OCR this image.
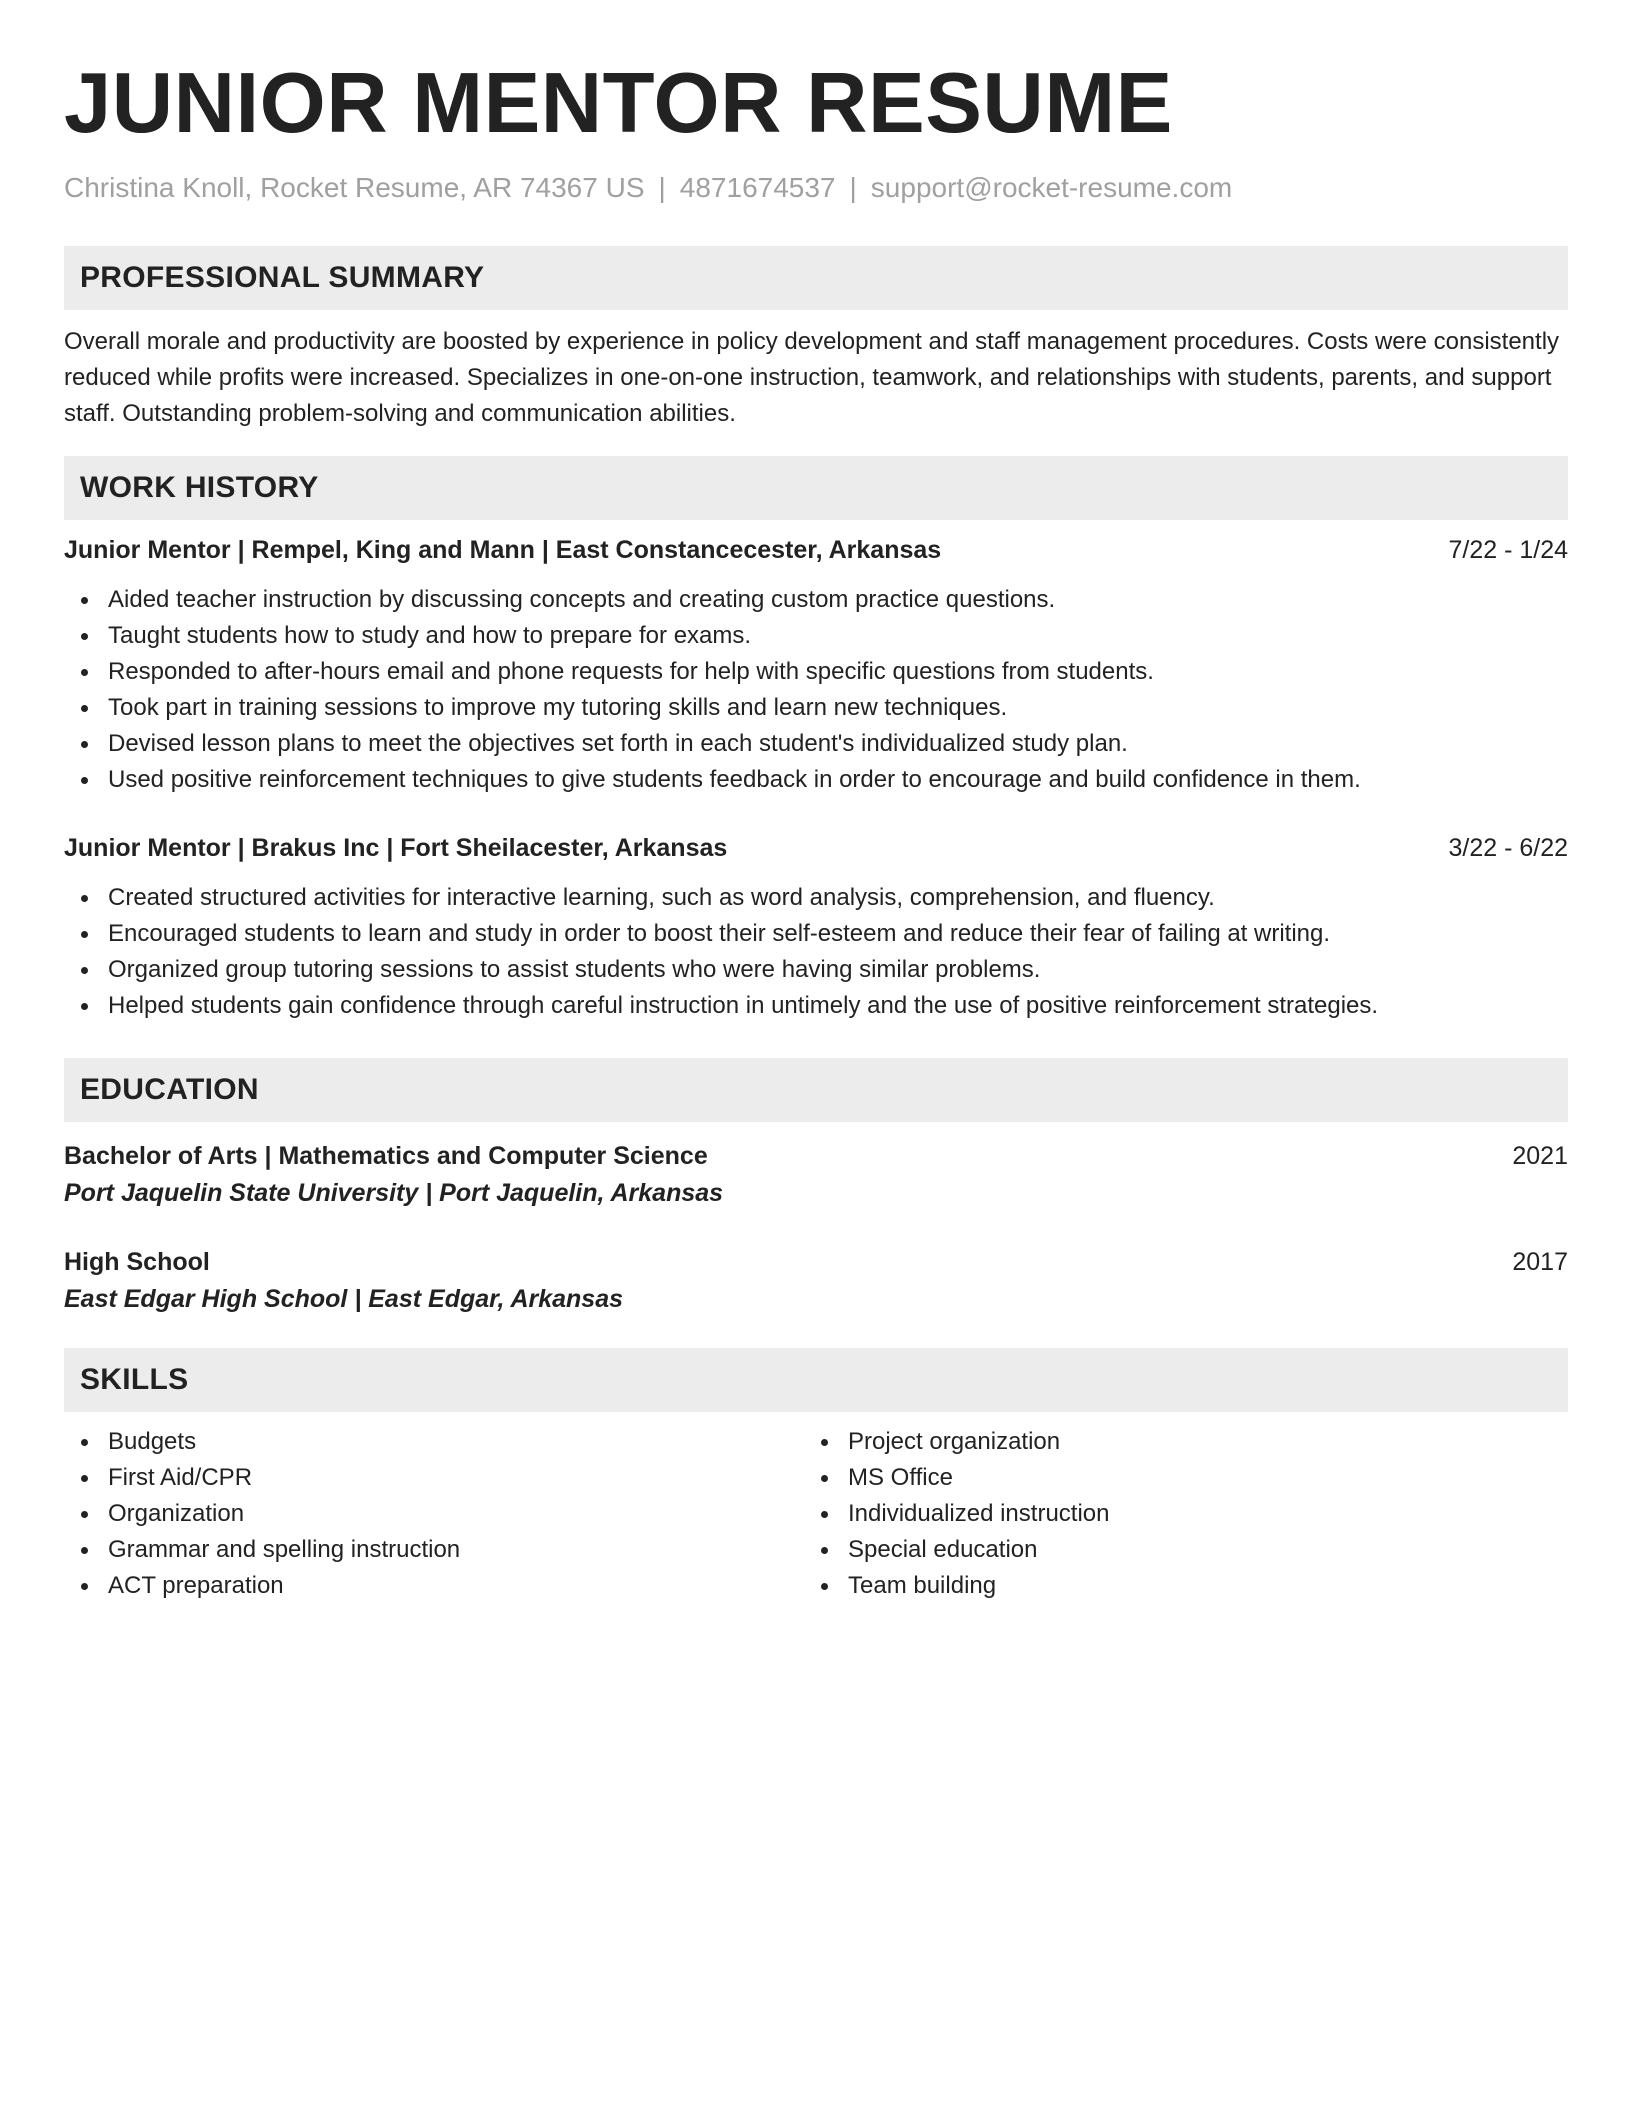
JUNIOR MENTOR RESUME
Christina Knoll, Rocket Resume, AR 74367 US | 4871674537 | support@rocket-resume.com
PROFESSIONAL SUMMARY

Overall morale and productivity are boosted by experience in policy development and staff management procedures. Costs were consistently reduced while profits were increased. Specializes in one-on-one instruction, teamwork, and relationships with students, parents, and support staff. Outstanding problem-solving and communication abilities.

WORK HISTORY
Junior Mentor | Rempel, King and Mann | East Constancecester, Arkansas	7/22 - 1/24
Aided teacher instruction by discussing concepts and creating custom practice questions.
Taught students how to study and how to prepare for exams.
Responded to after-hours email and phone requests for help with specific questions from students.
Took part in training sessions to improve my tutoring skills and learn new techniques.
Devised lesson plans to meet the objectives set forth in each student's individualized study plan.
Used positive reinforcement techniques to give students feedback in order to encourage and build confidence in them.
Junior Mentor | Brakus Inc | Fort Sheilacester, Arkansas	3/22 - 6/22
Created structured activities for interactive learning, such as word analysis, comprehension, and fluency.
Encouraged students to learn and study in order to boost their self-esteem and reduce their fear of failing at writing.
Organized group tutoring sessions to assist students who were having similar problems.
Helped students gain confidence through careful instruction in untimely and the use of positive reinforcement strategies.
EDUCATION
Bachelor of Arts | Mathematics and Computer Science	2021
Port Jaquelin State University | Port Jaquelin, Arkansas
High School	2017
East Edgar High School | East Edgar, Arkansas
SKILLS
Budgets
First Aid/CPR
Organization
Grammar and spelling instruction
ACT preparation
Project organization
MS Office
Individualized instruction
Special education
Team building
